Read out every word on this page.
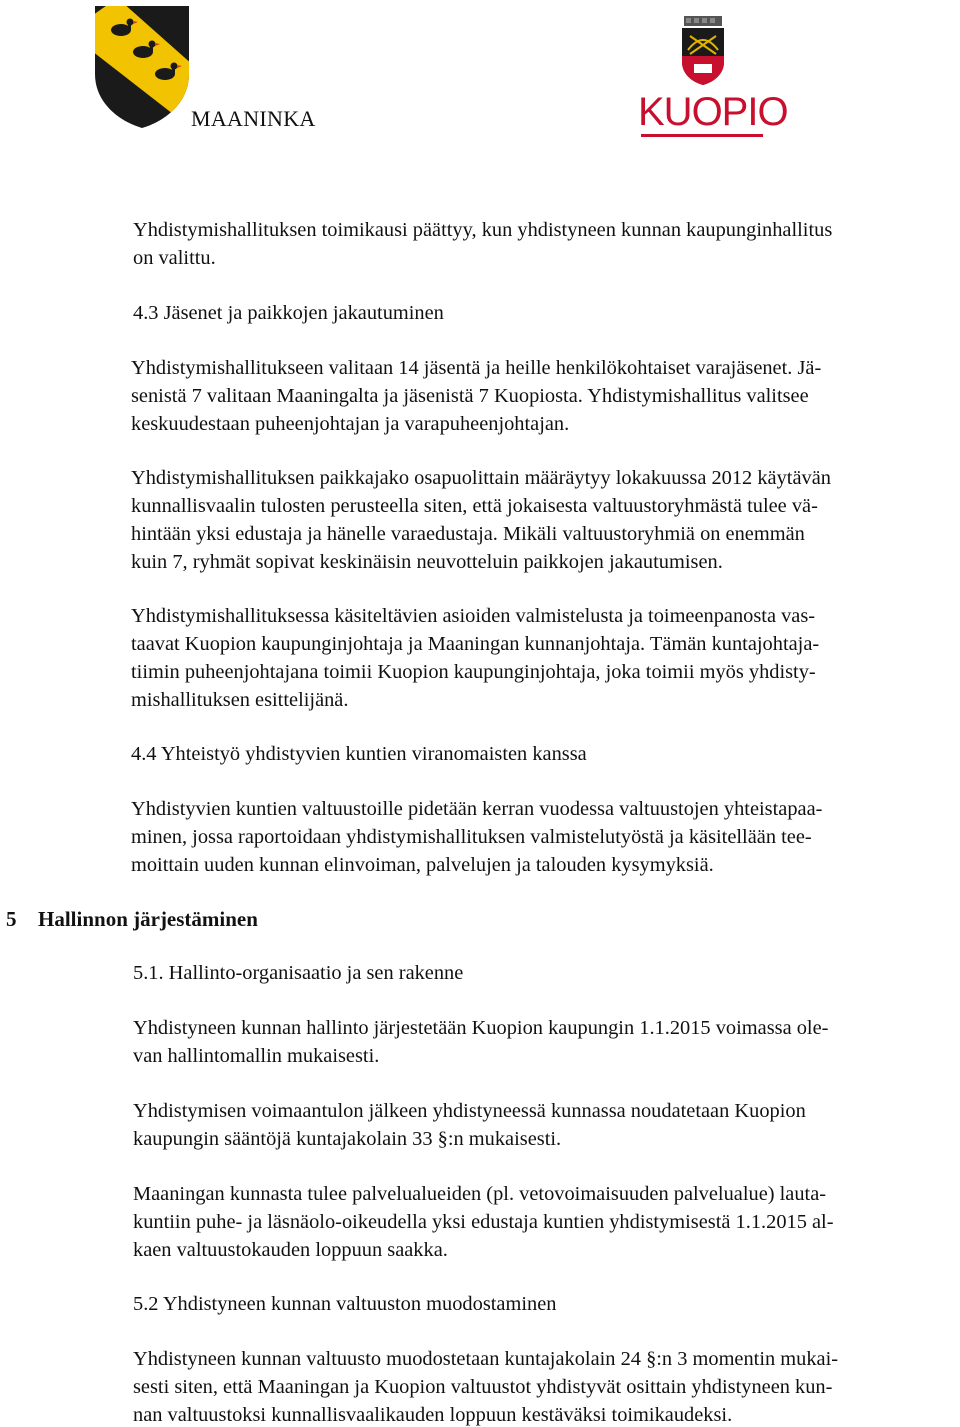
MAANINKA	KUOPIO
Yhdistymishallituksen toimikausi päättyy, kun yhdistyneen kunnan kaupunginhallitus
on valittu.
4.3 Jäsenet ja paikkojen jakautuminen
Yhdistymishallitukseen valitaan 14 jäsentä ja heille henkilökohtaiset varajäsenet. Jä-
senistä 7 valitaan Maaningalta ja jäsenistä 7 Kuopiosta. Yhdistymishallitus valitsee
keskuudestaan puheenjohtajan ja varapuheenjohtajan.
Yhdistymishallituksen paikkajako osapuolittain määräytyy lokakuussa 2012 käytävän
kunnallisvaalin tulosten perusteella siten, että jokaisesta valtuustoryhmästä tulee vä-
hintään yksi edustaja ja hänelle varaedustaja. Mikäli valtuustoryhmiä on enemmän
kuin 7, ryhmät sopivat keskinäisin neuvotteluin paikkojen jakautumisen.
Yhdistymishallituksessa käsiteltävien asioiden valmistelusta ja toimeenpanosta vas-
taavat Kuopion kaupunginjohtaja ja Maaningan kunnanjohtaja. Tämän kuntajohtaja-
tiimin puheenjohtajana toimii Kuopion kaupunginjohtaja, joka toimii myös yhdisty-
mishallituksen esittelijänä.
4.4 Yhteistyö yhdistyvien kuntien viranomaisten kanssa
Yhdistyvien kuntien valtuustoille pidetään kerran vuodessa valtuustojen yhteistapaa-
minen, jossa raportoidaan yhdistymishallituksen valmistelutyöstä ja käsitellään tee-
moittain uuden kunnan elinvoiman, palvelujen ja talouden kysymyksiä.
5.1. Hallinto-organisaatio ja sen rakenne
Yhdistyneen kunnan hallinto järjestetään Kuopion kaupungin 1.1.2015 voimassa ole-
van hallintomallin mukaisesti.
Yhdistymisen voimaantulon jälkeen yhdistyneessä kunnassa noudatetaan Kuopion
kaupungin sääntöjä kuntajakolain 33 §:n mukaisesti.
Maaningan kunnasta tulee palvelualueiden (pl. vetovoimaisuuden palvelualue) lauta-
kuntiin puhe- ja läsnäolo-oikeudella yksi edustaja kuntien yhdistymisestä 1.1.2015 al-
kaen valtuustokauden loppuun saakka.
5.2 Yhdistyneen kunnan valtuuston muodostaminen
Yhdistyneen kunnan valtuusto muodostetaan kuntajakolain 24 §:n 3 momentin mukai-
sesti siten, että Maaningan ja Kuopion valtuustot yhdistyvät osittain yhdistyneen kun-
nan valtuustoksi kunnallisvaalikauden loppuun kestäväksi toimikaudeksi.
5 Hallinnon järjestäminen
